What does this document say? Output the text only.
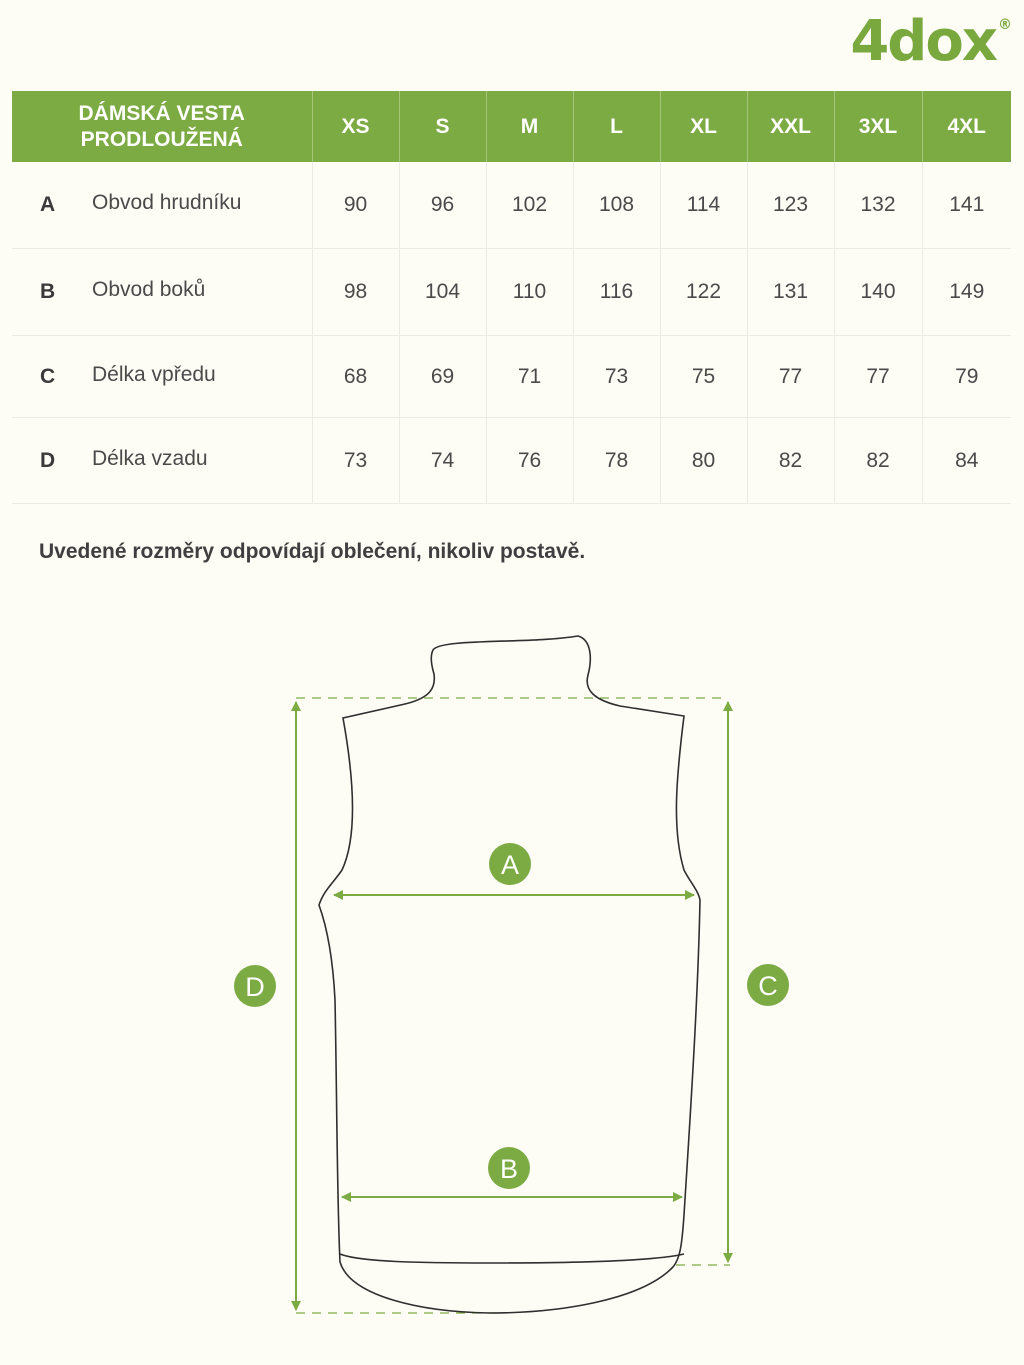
4dox ®
DÁMSKÁ VESTA
PRODLOUŽENÁ	XS	S	M	L	XL	XXL	3XL	4XL
A Obvod hrudníku	90	96	102	108	114	123	132	141
B Obvod boků	98	104	110	116	122	131	140	149
C Délka vpředu	68	69	71	73	75	77	77	79
D Délka vzadu	73	74	76	78	80	82	82	84
Uvedené rozměry odpovídají oblečení, nikoliv postavě.
A
B
C
D
